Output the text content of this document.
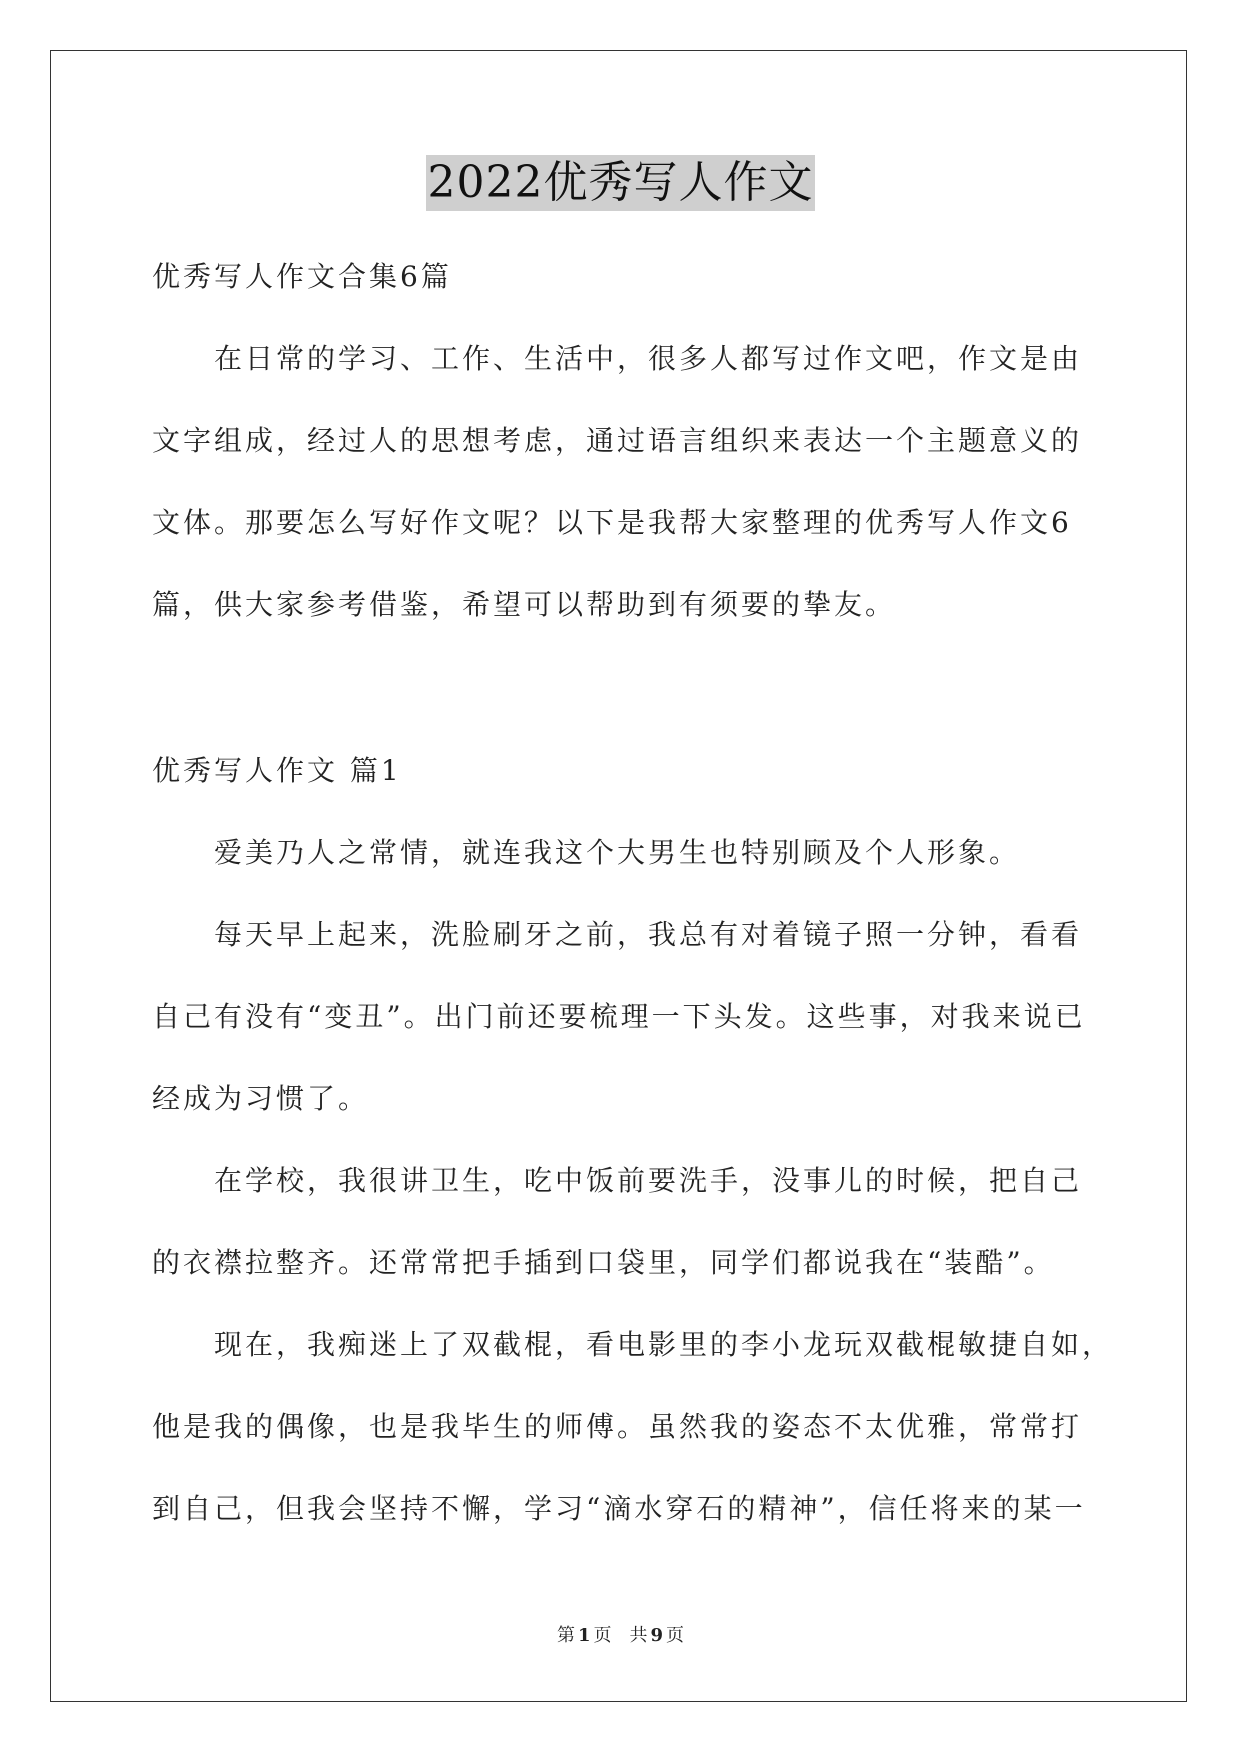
2022优秀写人作文
优秀写人作文合集6篇
在日常的学习、工作、生活中，很多人都写过作文吧，作文是由
文字组成，经过人的思想考虑，通过语言组织来表达一个主题意义的
文体。那要怎么写好作文呢？以下是我帮大家整理的优秀写人作文6
篇，供大家参考借鉴，希望可以帮助到有须要的挚友。
优秀写人作文 篇1
爱美乃人之常情，就连我这个大男生也特别顾及个人形象。
每天早上起来，洗脸刷牙之前，我总有对着镜子照一分钟，看看
自己有没有“变丑”。出门前还要梳理一下头发。这些事，对我来说已
经成为习惯了。
在学校，我很讲卫生，吃中饭前要洗手，没事儿的时候，把自己
的衣襟拉整齐。还常常把手插到口袋里，同学们都说我在“装酷”。
现在，我痴迷上了双截棍，看电影里的李小龙玩双截棍敏捷自如，
他是我的偶像，也是我毕生的师傅。虽然我的姿态不太优雅，常常打
到自己，但我会坚持不懈，学习“滴水穿石的精神”，信任将来的某一
第 1 页 共 9 页
